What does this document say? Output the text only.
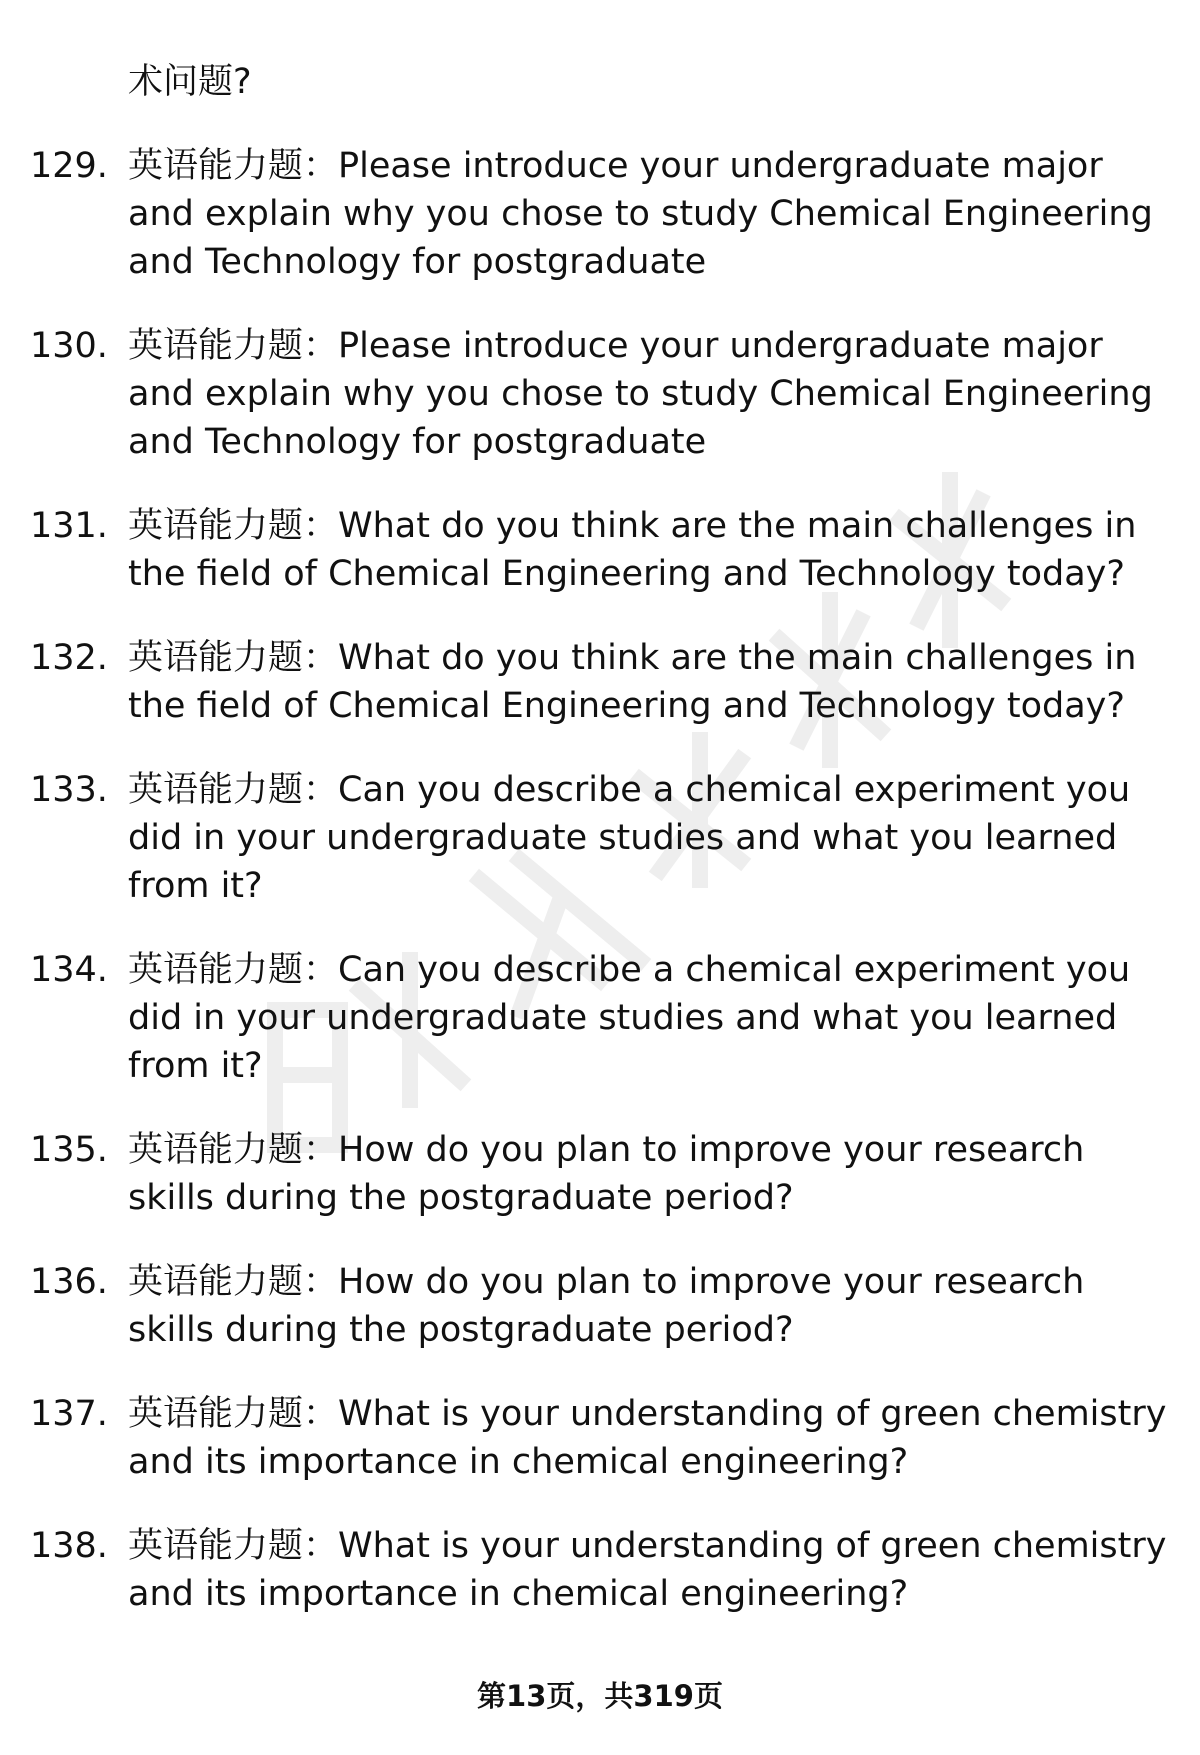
术问题?
129. 英语能力题：Please introduce your undergraduate major
and explain why you chose to study Chemical Engineering
and Technology for postgraduate
130. 英语能力题：Please introduce your undergraduate major
and explain why you chose to study Chemical Engineering
and Technology for postgraduate
131. 英语能力题：What do you think are the main challenges in
the field of Chemical Engineering and Technology today?
132. 英语能力题：What do you think are the main challenges in
the field of Chemical Engineering and Technology today?
133. 英语能力题：Can you describe a chemical experiment you
did in your undergraduate studies and what you learned
from it?
134. 英语能力题：Can you describe a chemical experiment you
did in your undergraduate studies and what you learned
from it?
135. 英语能力题：How do you plan to improve your research
skills during the postgraduate period?
136. 英语能力题：How do you plan to improve your research
skills during the postgraduate period?
137. 英语能力题：What is your understanding of green chemistry
and its importance in chemical engineering?
138. 英语能力题：What is your understanding of green chemistry
and its importance in chemical engineering?
第13页，共319页
